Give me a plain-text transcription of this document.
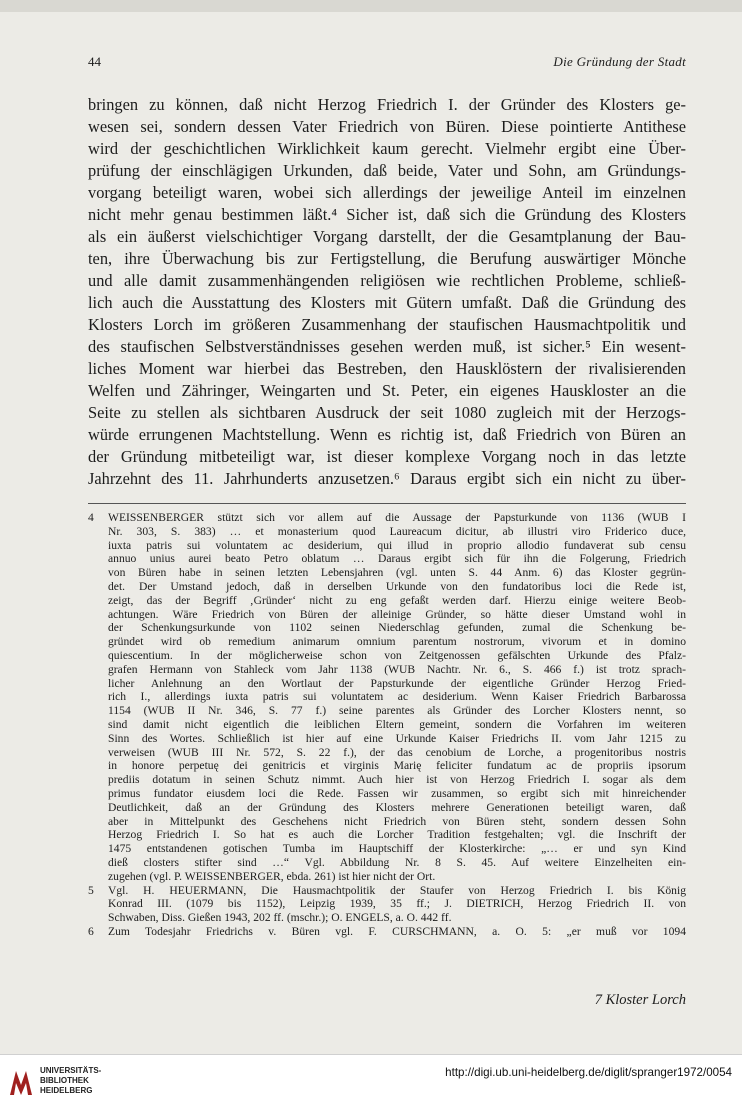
44	Die Gründung der Stadt
bringen zu können, daß nicht Herzog Friedrich I. der Gründer des Klosters ge-
wesen sei, sondern dessen Vater Friedrich von Büren. Diese pointierte Antithese
wird der geschichtlichen Wirklichkeit kaum gerecht. Vielmehr ergibt eine Über-
prüfung der einschlägigen Urkunden, daß beide, Vater und Sohn, am Gründungs-
vorgang beteiligt waren, wobei sich allerdings der jeweilige Anteil im einzelnen
nicht mehr genau bestimmen läßt.⁴ Sicher ist, daß sich die Gründung des Klosters
als ein äußerst vielschichtiger Vorgang darstellt, der die Gesamtplanung der Bau-
ten, ihre Überwachung bis zur Fertigstellung, die Berufung auswärtiger Mönche
und alle damit zusammenhängenden religiösen wie rechtlichen Probleme, schließ-
lich auch die Ausstattung des Klosters mit Gütern umfaßt. Daß die Gründung des
Klosters Lorch im größeren Zusammenhang der staufischen Hausmachtpolitik und
des staufischen Selbstverständnisses gesehen werden muß, ist sicher.⁵ Ein wesent-
liches Moment war hierbei das Bestreben, den Hausklöstern der rivalisierenden
Welfen und Zähringer, Weingarten und St. Peter, ein eigenes Hauskloster an die
Seite zu stellen als sichtbaren Ausdruck der seit 1080 zugleich mit der Herzogs-
würde errungenen Machtstellung. Wenn es richtig ist, daß Friedrich von Büren an
der Gründung mitbeteiligt war, ist dieser komplexe Vorgang noch in das letzte
Jahrzehnt des 11. Jahrhunderts anzusetzen.⁶ Daraus ergibt sich ein nicht zu über-
4 WEISSENBERGER stützt sich vor allem auf die Aussage der Papsturkunde von 1136 (WUB I
Nr. 303, S. 383) … et monasterium quod Laureacum dicitur, ab illustri viro Friderico duce,
iuxta patris sui voluntatem ac desiderium, qui illud in proprio allodio fundaverat sub censu
annuo unius aurei beato Petro oblatum … Daraus ergibt sich für ihn die Folgerung, Friedrich
von Büren habe in seinen letzten Lebensjahren (vgl. unten S. 44 Anm. 6) das Kloster gegrün-
det. Der Umstand jedoch, daß in derselben Urkunde von den fundatoribus loci die Rede ist,
zeigt, das der Begriff ‚Gründer‘ nicht zu eng gefaßt werden darf. Hierzu einige weitere Beob-
achtungen. Wäre Friedrich von Büren der alleinige Gründer, so hätte dieser Umstand wohl in
der Schenkungsurkunde von 1102 seinen Niederschlag gefunden, zumal die Schenkung be-
gründet wird ob remedium animarum omnium parentum nostrorum, vivorum et in domino
quiescentium. In der möglicherweise schon von Zeitgenossen gefälschten Urkunde des Pfalz-
grafen Hermann von Stahleck vom Jahr 1138 (WUB Nachtr. Nr. 6., S. 466 f.) ist trotz sprach-
licher Anlehnung an den Wortlaut der Papsturkunde der eigentliche Gründer Herzog Fried-
rich I., allerdings iuxta patris sui voluntatem ac desiderium. Wenn Kaiser Friedrich Barbarossa
1154 (WUB II Nr. 346, S. 77 f.) seine parentes als Gründer des Lorcher Klosters nennt, so
sind damit nicht eigentlich die leiblichen Eltern gemeint, sondern die Vorfahren im weiteren
Sinn des Wortes. Schließlich ist hier auf eine Urkunde Kaiser Friedrichs II. vom Jahr 1215 zu
verweisen (WUB III Nr. 572, S. 22 f.), der das cenobium de Lorche, a progenitoribus nostris
in honore perpetuę dei genitricis et virginis Marię feliciter fundatum ac de propriis ipsorum
prediis dotatum in seinen Schutz nimmt. Auch hier ist von Herzog Friedrich I. sogar als dem
primus fundator eiusdem loci die Rede. Fassen wir zusammen, so ergibt sich mit hinreichender
Deutlichkeit, daß an der Gründung des Klosters mehrere Generationen beteiligt waren, daß
aber in Mittelpunkt des Geschehens nicht Friedrich von Büren steht, sondern dessen Sohn
Herzog Friedrich I. So hat es auch die Lorcher Tradition festgehalten; vgl. die Inschrift der
1475 entstandenen gotischen Tumba im Hauptschiff der Klosterkirche: „… er und syn Kind
dieß closters stifter sind …“ Vgl. Abbildung Nr. 8 S. 45. Auf weitere Einzelheiten ein-
zugehen (vgl. P. WEISSENBERGER, ebda. 261) ist hier nicht der Ort.
5 Vgl. H. HEUERMANN, Die Hausmachtpolitik der Staufer von Herzog Friedrich I. bis König
Konrad III. (1079 bis 1152), Leipzig 1939, 35 ff.; J. DIETRICH, Herzog Friedrich II. von
Schwaben, Diss. Gießen 1943, 202 ff. (mschr.); O. ENGELS, a. O. 442 ff.
6 Zum Todesjahr Friedrichs v. Büren vgl. F. CURSCHMANN, a. O. 5: „er muß vor 1094
7 Kloster Lorch
UNIVERSITÄTS-
BIBLIOTHEK
HEIDELBERG
http://digi.ub.uni-heidelberg.de/diglit/spranger1972/0054
